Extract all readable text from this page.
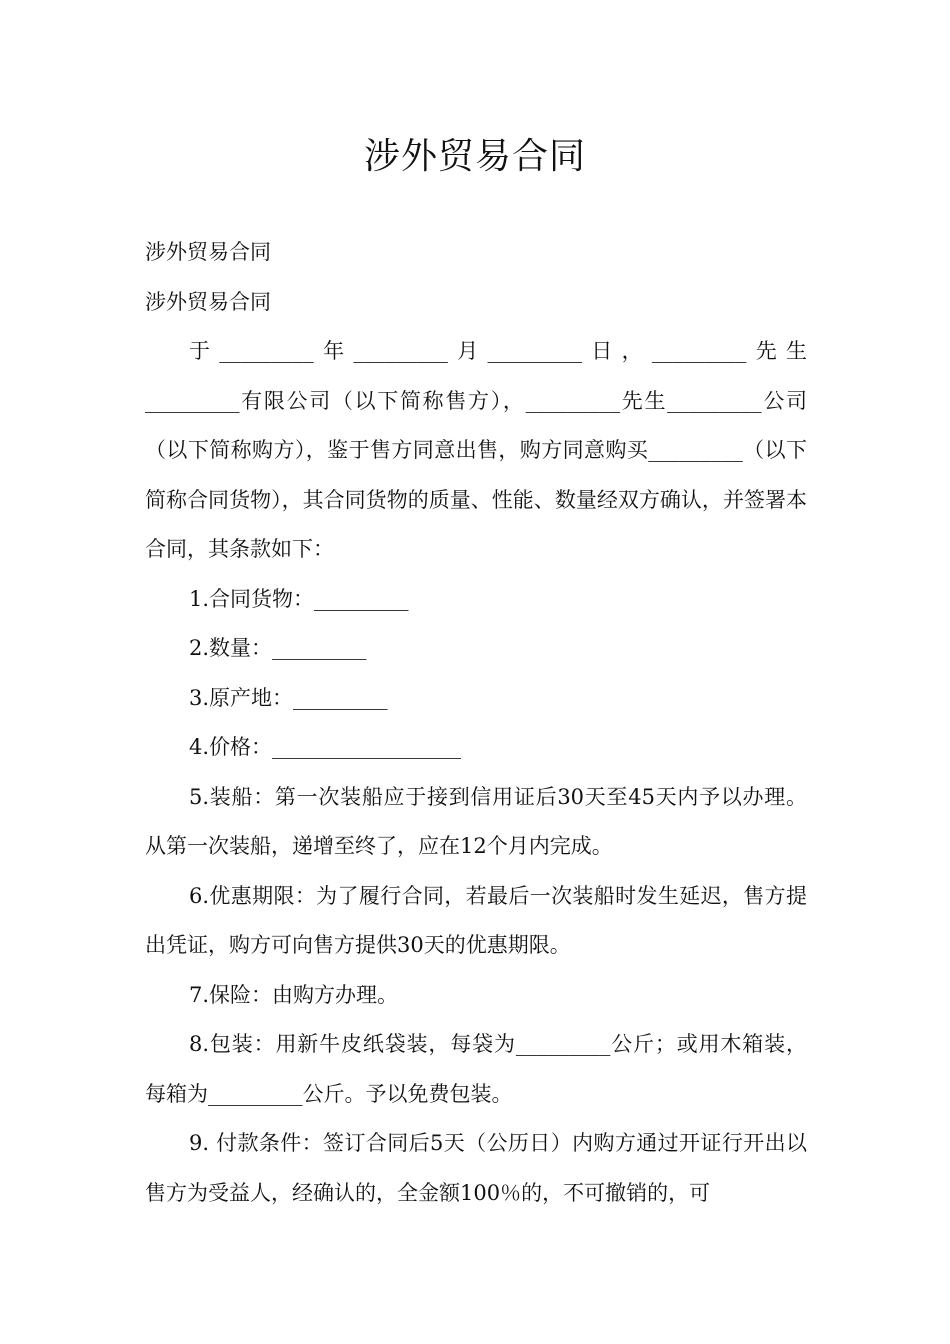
涉外贸易合同

涉外贸易合同

涉外贸易合同

于_________年_________月_________日，_________先生_________有限公司（以下简称售方），_________先生_________公司（以下简称购方），鉴于售方同意出售，购方同意购买_________（以下简称合同货物），其合同货物的质量、性能、数量经双方确认，并签署本合同，其条款如下：

1.合同货物：_________

2.数量：_________

3.原产地：_________

4.价格：__________________

5.装船：第一次装船应于接到信用证后30天至45天内予以办理。从第一次装船，递增至终了，应在12个月内完成。

6.优惠期限：为了履行合同，若最后一次装船时发生延迟，售方提出凭证，购方可向售方提供30天的优惠期限。

7.保险：由购方办理。

8.包装：用新牛皮纸袋装，每袋为_________公斤；或用木箱装，每箱为_________公斤。予以免费包装。

9. 付款条件：签订合同后5天（公历日）内购方通过开证行开出以售方为受益人，经确认的，全金额100％的，不可撤销的，可
